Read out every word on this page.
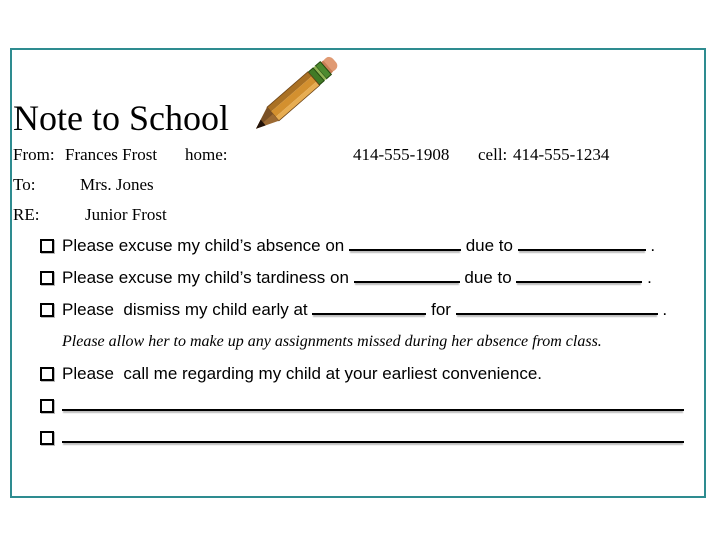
Note to School
From: Frances Frost home:	414-555-1908 cell: 414-555-1234
To:	Mrs. Jones
RE:	Junior Frost
Please excuse my child’s absence on	due to	.
Please excuse my child’s tardiness on	due to	.
Please  dismiss my child early at	for	.
Please allow her to make up any assignments missed during her absence from class.
Please  call me regarding my child at your earliest convenience.
